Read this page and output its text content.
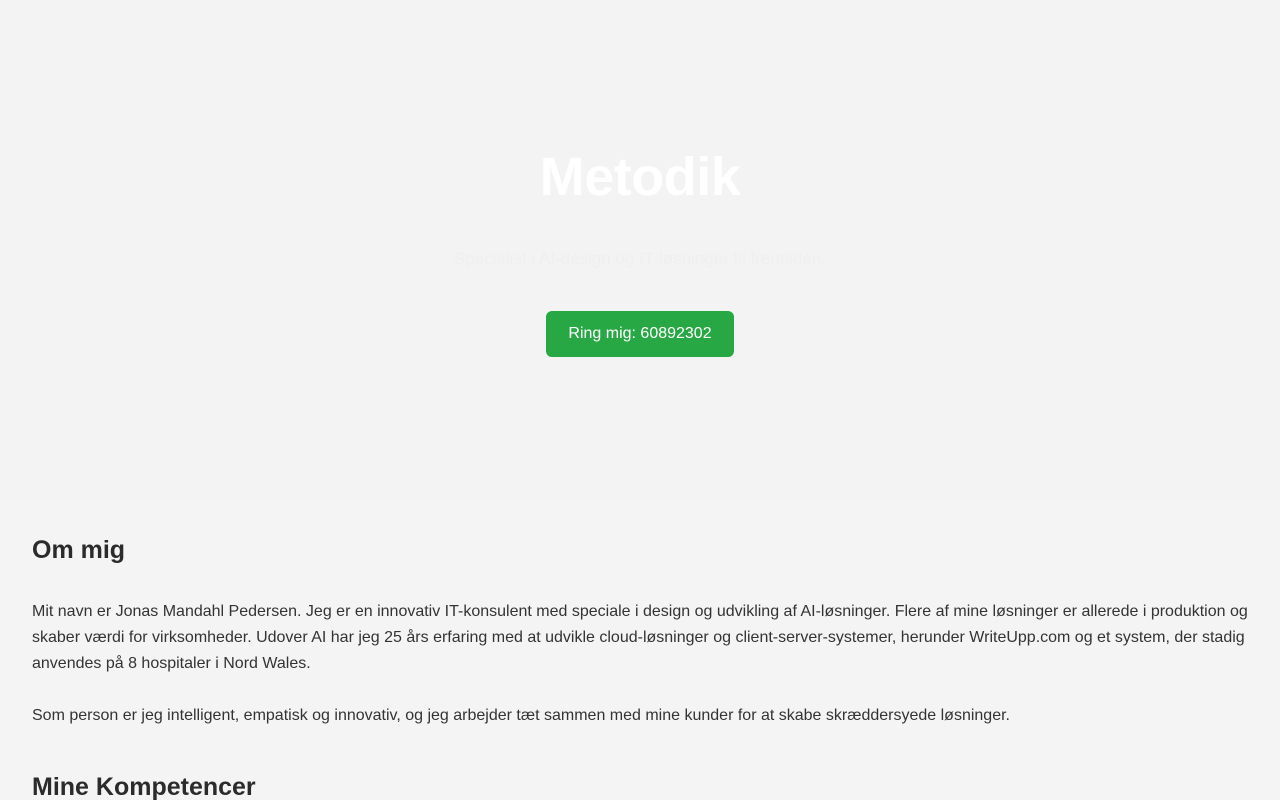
Metodik

Specialist i AI-design og IT-løsninger til fremtiden.

Ring mig: 60892302
Om mig

Mit navn er Jonas Mandahl Pedersen. Jeg er en innovativ IT-konsulent med speciale i design og udvikling af AI-løsninger. Flere af mine løsninger er allerede i produktion og skaber værdi for virksomheder. Udover AI har jeg 25 års erfaring med at udvikle cloud-løsninger og client-server-systemer, herunder WriteUpp.com og et system, der stadig anvendes på 8 hospitaler i Nord Wales.

Som person er jeg intelligent, empatisk og innovativ, og jeg arbejder tæt sammen med mine kunder for at skabe skræddersyede løsninger.

Mine Kompetencer
